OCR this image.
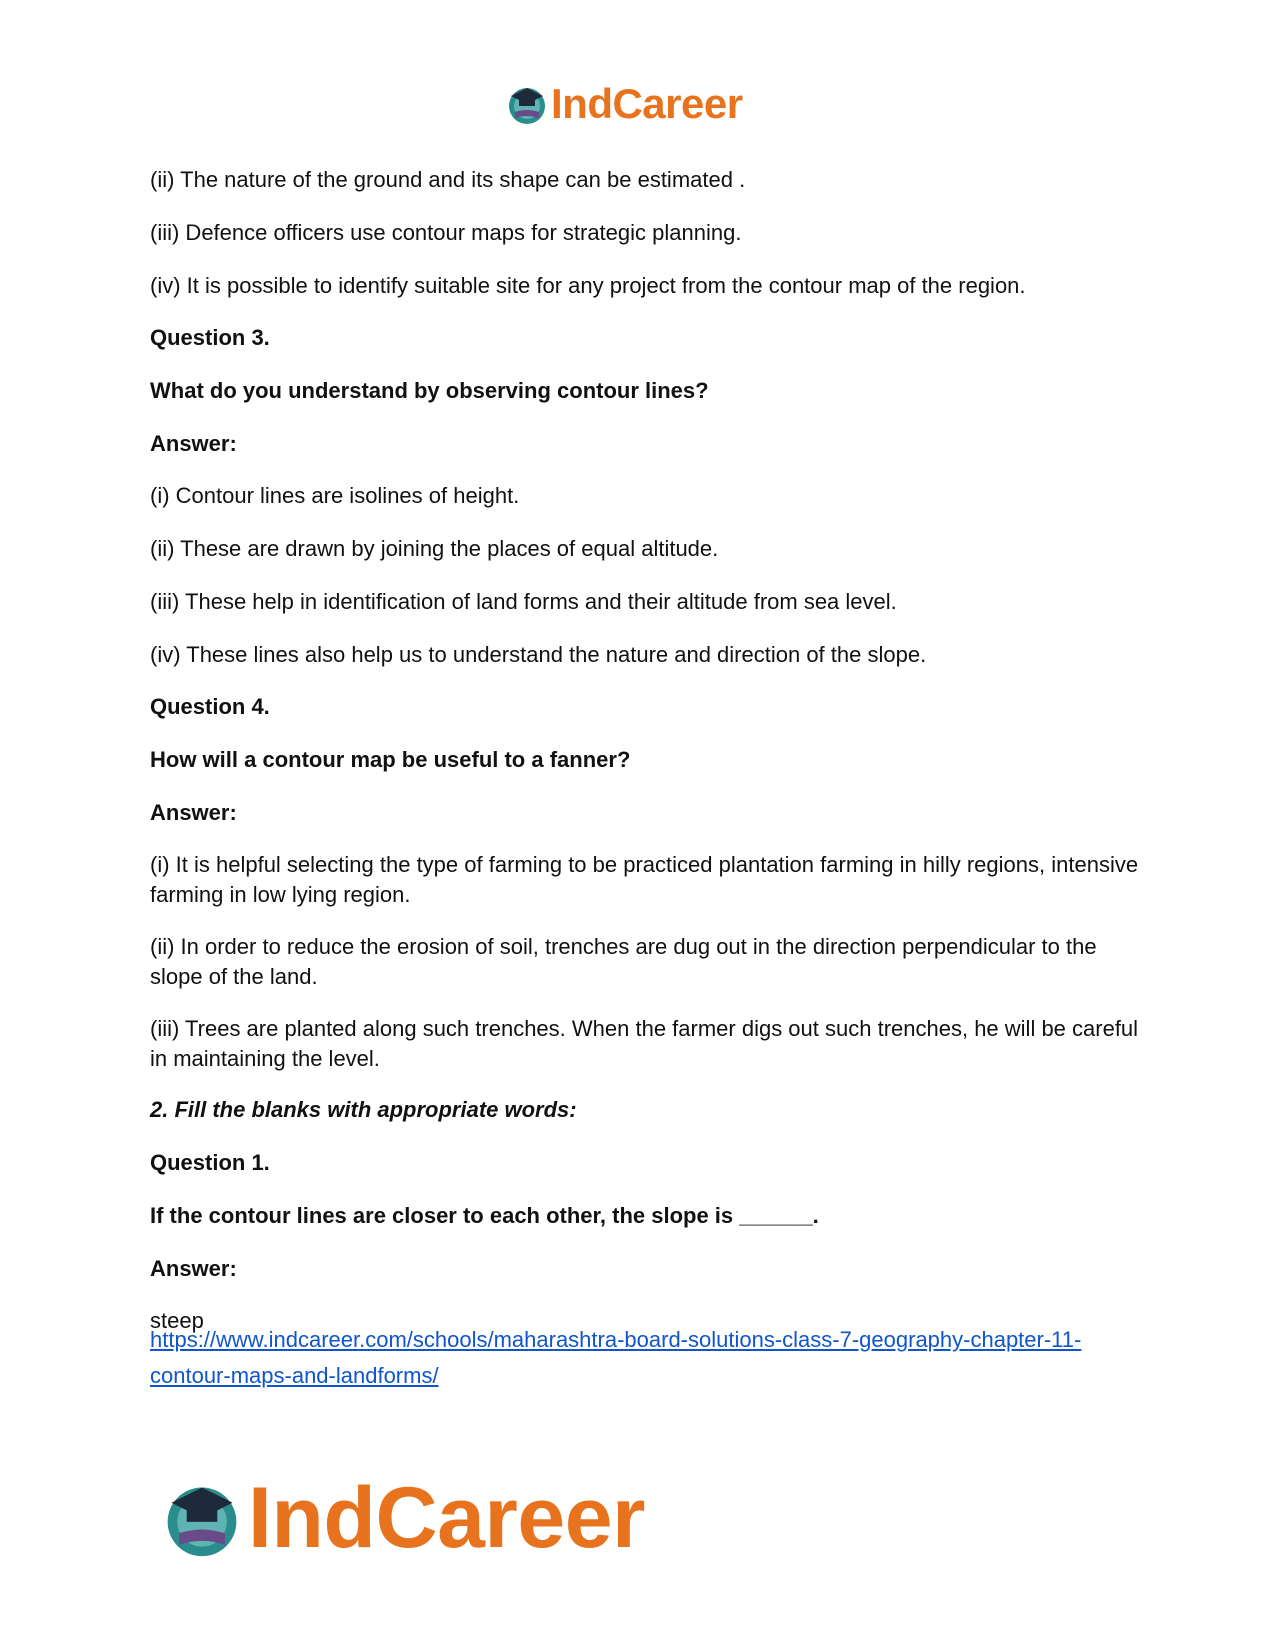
IndCareer

(ii) The nature of the ground and its shape can be estimated .

(iii) Defence officers use contour maps for strategic planning.

(iv) It is possible to identify suitable site for any project from the contour map of the region.

Question 3.

What do you understand by observing contour lines?

Answer:

(i) Contour lines are isolines of height.

(ii) These are drawn by joining the places of equal altitude.

(iii) These help in identification of land forms and their altitude from sea level.

(iv) These lines also help us to understand the nature and direction of the slope.

Question 4.

How will a contour map be useful to a fanner?

Answer:

(i) It is helpful selecting the type of farming to be practiced plantation farming in hilly regions, intensive farming in low lying region.

(ii) In order to reduce the erosion of soil, trenches are dug out in the direction perpendicular to the slope of the land.

(iii) Trees are planted along such trenches. When the farmer digs out such trenches, he will be careful in maintaining the level.

2. Fill the blanks with appropriate words:

Question 1.

If the contour lines are closer to each other, the slope is ______.

Answer:

steep

https://www.indcareer.com/schools/maharashtra-board-solutions-class-7-geography-chapter-11-contour-maps-and-landforms/
IndCareer
